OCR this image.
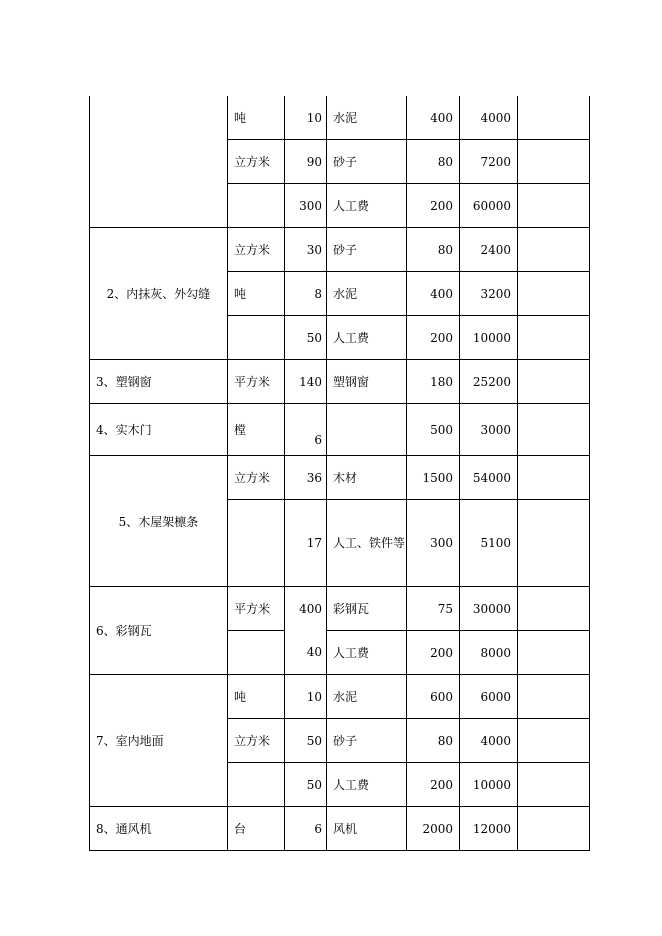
	吨	10	水泥	400	4000	
	立方米	90	砂子	80	7200	
		300	人工费	200	60000	
2、内抹灰、外勾缝	立方米	30	砂子	80	2400	
	吨	8	水泥	400	3200	
		50	人工费	200	10000	
3、塑钢窗	平方米	140	塑钢窗	180	25200	
4、实木门	樘	6		500	3000	
5、木屋架檩条	立方米	36	木材	1500	54000	
		17	人工、铁件等	300	5100	
6、彩钢瓦	平方米	400	彩钢瓦	75	30000	
		40	人工费	200	8000	
7、室内地面	吨	10	水泥	600	6000	
	立方米	50	砂子	80	4000	
		50	人工费	200	10000	
8、通风机	台	6	风机	2000	12000	
